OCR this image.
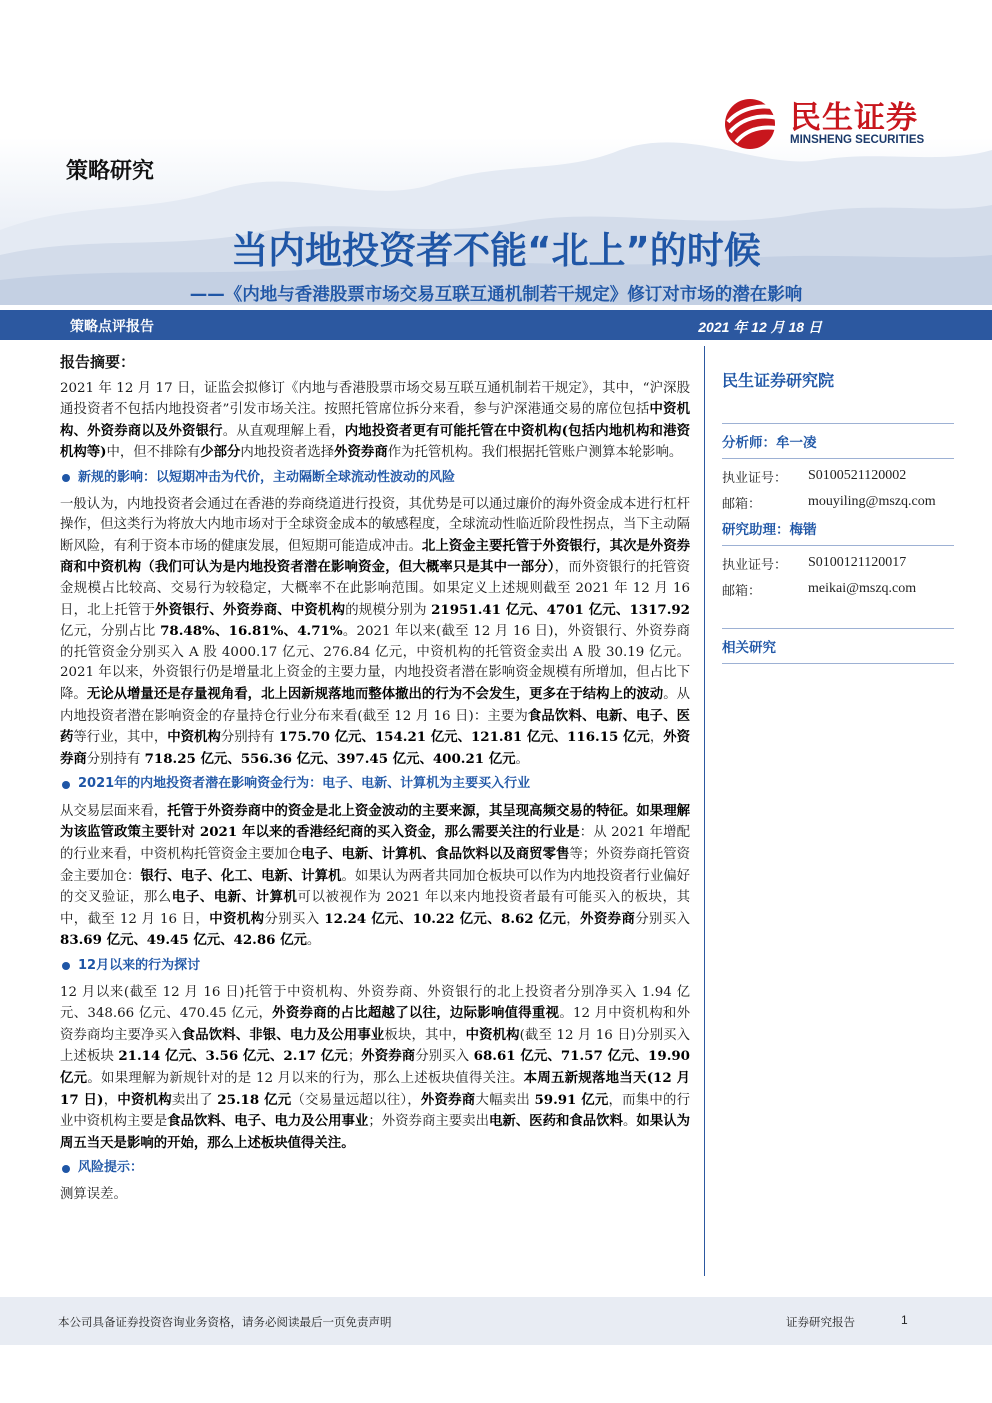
民生证券
MINSHENG SECURITIES
策略研究
当内地投资者不能“北上”的时候
——《内地与香港股票市场交易互联互通机制若干规定》修订对市场的潜在影响
策略点评报告	2021 年 12 月 18 日
报告摘要：

2021 年 12 月 17 日，证监会拟修订《内地与香港股票市场交易互联互通机制若干规定》，其中，“沪深股通投资者不包括内地投资者”引发市场关注。按照托管席位拆分来看，参与沪深港通交易的席位包括中资机构、外资券商以及外资银行。从直观理解上看，内地投资者更有可能托管在中资机构(包括内地机构和港资机构等)中，但不排除有少部分内地投资者选择外资券商作为托管机构。我们根据托管账户测算本轮影响。

新规的影响：以短期冲击为代价，主动隔断全球流动性波动的风险

一般认为，内地投资者会通过在香港的券商绕道进行投资，其优势是可以通过廉价的海外资金成本进行杠杆操作，但这类行为将放大内地市场对于全球资金成本的敏感程度，全球流动性临近阶段性拐点，当下主动隔断风险，有利于资本市场的健康发展，但短期可能造成冲击。北上资金主要托管于外资银行，其次是外资券商和中资机构（我们可认为是内地投资者潜在影响资金，但大概率只是其中一部分），而外资银行的托管资金规模占比较高、交易行为较稳定，大概率不在此影响范围。如果定义上述规则截至 2021 年 12 月 16 日，北上托管于外资银行、外资券商、中资机构的规模分别为 21951.41 亿元、4701 亿元、1317.92 亿元，分别占比 78.48%、16.81%、4.71%。2021 年以来(截至 12 月 16 日)，外资银行、外资券商的托管资金分别买入 A 股 4000.17 亿元、276.84 亿元，中资机构的托管资金卖出 A 股 30.19 亿元。2021 年以来，外资银行仍是增量北上资金的主要力量，内地投资者潜在影响资金规模有所增加，但占比下降。无论从增量还是存量视角看，北上因新规落地而整体撤出的行为不会发生，更多在于结构上的波动。从内地投资者潜在影响资金的存量持仓行业分布来看(截至 12 月 16 日)：主要为食品饮料、电新、电子、医药等行业，其中，中资机构分别持有 175.70 亿元、154.21 亿元、121.81 亿元、116.15 亿元，外资券商分别持有 718.25 亿元、556.36 亿元、397.45 亿元、400.21 亿元。

2021年的内地投资者潜在影响资金行为：电子、电新、计算机为主要买入行业

从交易层面来看，托管于外资券商中的资金是北上资金波动的主要来源，其呈现高频交易的特征。如果理解为该监管政策主要针对 2021 年以来的香港经纪商的买入资金，那么需要关注的行业是：从 2021 年增配的行业来看，中资机构托管资金主要加仓电子、电新、计算机、食品饮料以及商贸零售等；外资券商托管资金主要加仓：银行、电子、化工、电新、计算机。如果认为两者共同加仓板块可以作为内地投资者行业偏好的交叉验证，那么电子、电新、计算机可以被视作为 2021 年以来内地投资者最有可能买入的板块，其中，截至 12 月 16 日，中资机构分别买入 12.24 亿元、10.22 亿元、8.62 亿元，外资券商分别买入 83.69 亿元、49.45 亿元、42.86 亿元。

12月以来的行为探讨

12 月以来(截至 12 月 16 日)托管于中资机构、外资券商、外资银行的北上投资者分别净买入 1.94 亿元、348.66 亿元、470.45 亿元，外资券商的占比超越了以往，边际影响值得重视。12 月中资机构和外资券商均主要净买入食品饮料、非银、电力及公用事业板块，其中，中资机构(截至 12 月 16 日)分别买入上述板块 21.14 亿元、3.56 亿元、2.17 亿元；外资券商分别买入 68.61 亿元、71.57 亿元、19.90 亿元。如果理解为新规针对的是 12 月以来的行为，那么上述板块值得关注。本周五新规落地当天(12 月 17 日)，中资机构卖出了 25.18 亿元（交易量远超以往），外资券商大幅卖出 59.91 亿元，而集中的行业中资机构主要是食品饮料、电子、电力及公用事业；外资券商主要卖出电新、医药和食品饮料。如果认为周五当天是影响的开始，那么上述板块值得关注。

风险提示：

测算误差。

民生证券研究院
分析师：牟一凌
执业证号：	S0100521120002
邮箱：	mouyiling@mszq.com
研究助理：梅锴
执业证号：	S0100121120017
邮箱：	meikai@mszq.com
相关研究
本公司具备证券投资咨询业务资格，请务必阅读最后一页免责声明	证券研究报告	1
